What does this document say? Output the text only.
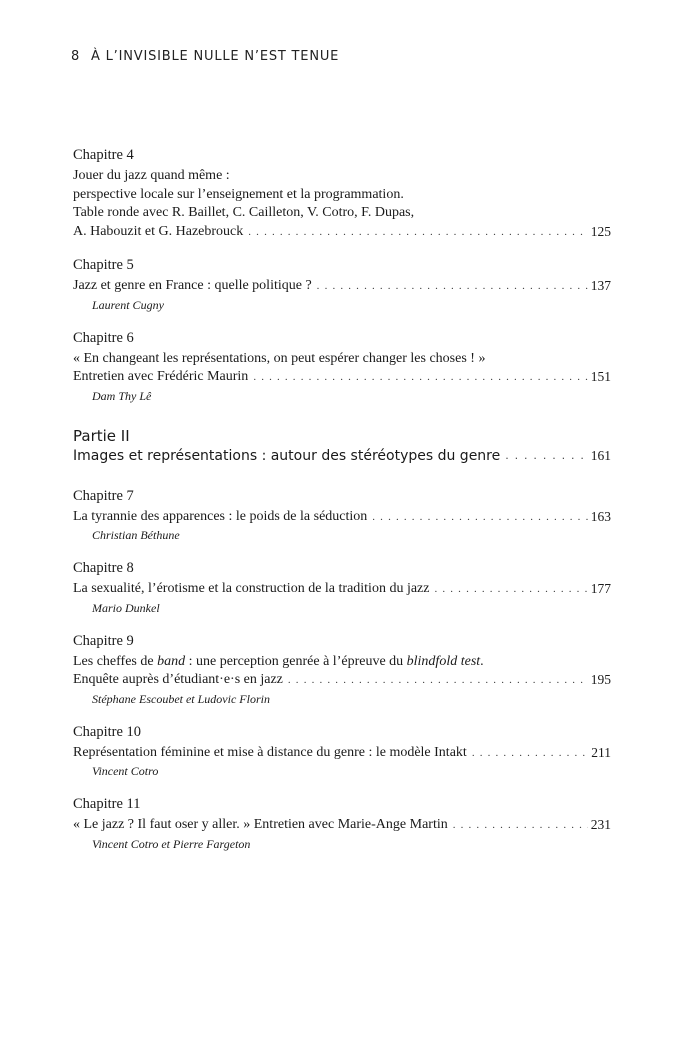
8 À L’INVISIBLE NULLE N’EST TENUE
Chapitre 4
Jouer du jazz quand même :
perspective locale sur l’enseignement et la programmation.
Table ronde avec R. Baillet, C. Cailleton, V. Cotro, F. Dupas,
A. Habouzit et G. Hazebrouck . . .	125
Chapitre 5
Jazz et genre en France : quelle politique ? . . .	137
Laurent Cugny
Chapitre 6
« En changeant les représentations, on peut espérer changer les choses ! »
Entretien avec Frédéric Maurin . . .	151
Dam Thy Lê
Partie II
Images et représentations : autour des stéréotypes du genre . . .	161
Chapitre 7
La tyrannie des apparences : le poids de la séduction . . .	163
Christian Béthune
Chapitre 8
La sexualité, l’érotisme et la construction de la tradition du jazz . . .	177
Mario Dunkel
Chapitre 9
Les cheffes de band : une perception genrée à l’épreuve du blindfold test.
Enquête auprès d’étudiant·e·s en jazz . . .	195
Stéphane Escoubet et Ludovic Florin
Chapitre 10
Représentation féminine et mise à distance du genre : le modèle Intakt . . .	211
Vincent Cotro
Chapitre 11
« Le jazz ? Il faut oser y aller. » Entretien avec Marie-Ange Martin . . .	231
Vincent Cotro et Pierre Fargeton
